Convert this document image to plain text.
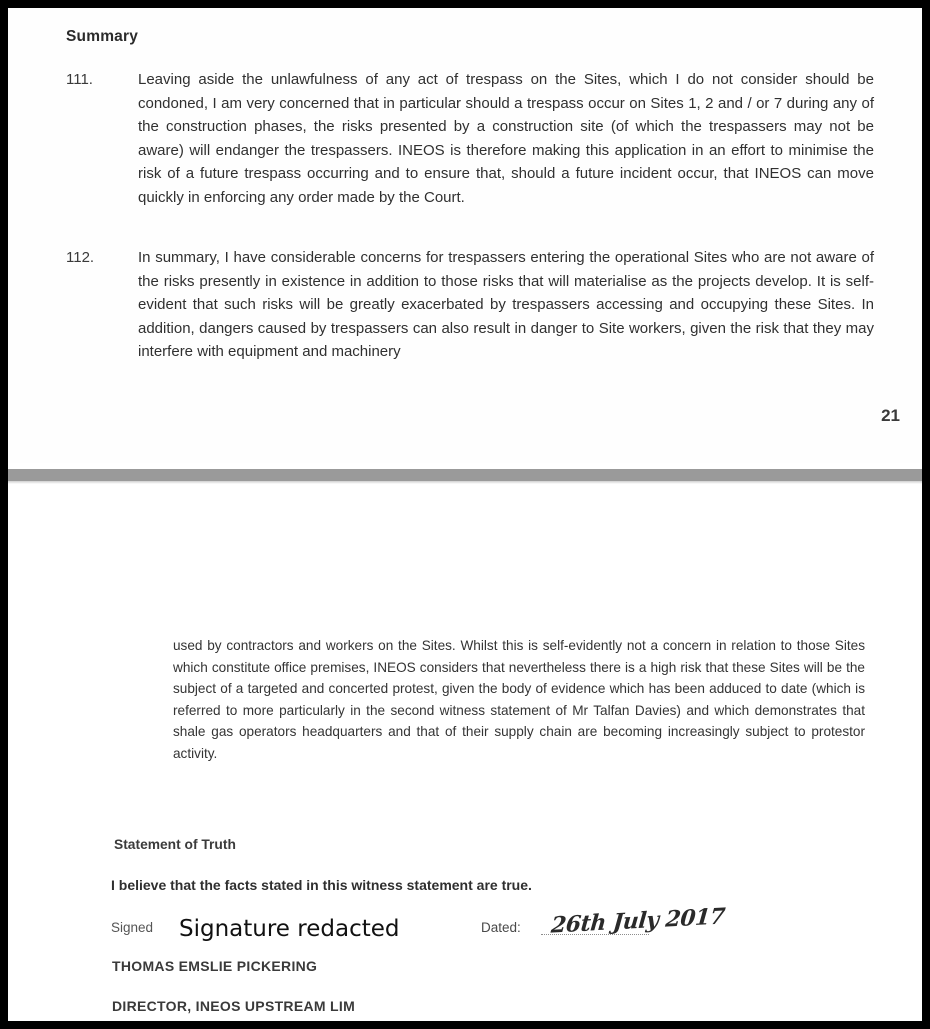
Summary
111.	Leaving aside the unlawfulness of any act of trespass on the Sites, which I do not consider should be condoned, I am very concerned that in particular should a trespass occur on Sites 1, 2 and / or 7 during any of the construction phases, the risks presented by a construction site (of which the trespassers may not be aware) will endanger the trespassers. INEOS is therefore making this application in an effort to minimise the risk of a future trespass occurring and to ensure that, should a future incident occur, that INEOS can move quickly in enforcing any order made by the Court.
112.	In summary, I have considerable concerns for trespassers entering the operational Sites who are not aware of the risks presently in existence in addition to those risks that will materialise as the projects develop. It is self-evident that such risks will be greatly exacerbated by trespassers accessing and occupying these Sites. In addition, dangers caused by trespassers can also result in danger to Site workers, given the risk that they may interfere with equipment and machinery
21
used by contractors and workers on the Sites. Whilst this is self-evidently not a concern in relation to those Sites which constitute office premises, INEOS considers that nevertheless there is a high risk that these Sites will be the subject of a targeted and concerted protest, given the body of evidence which has been adduced to date (which is referred to more particularly in the second witness statement of Mr Talfan Davies) and which demonstrates that shale gas operators headquarters and that of their supply chain are becoming increasingly subject to protestor activity.
Statement of Truth
I believe that the facts stated in this witness statement are true.
Signed Signature redacted	Dated: 26th July 2017
THOMAS EMSLIE PICKERING
DIRECTOR, INEOS UPSTREAM LIM
